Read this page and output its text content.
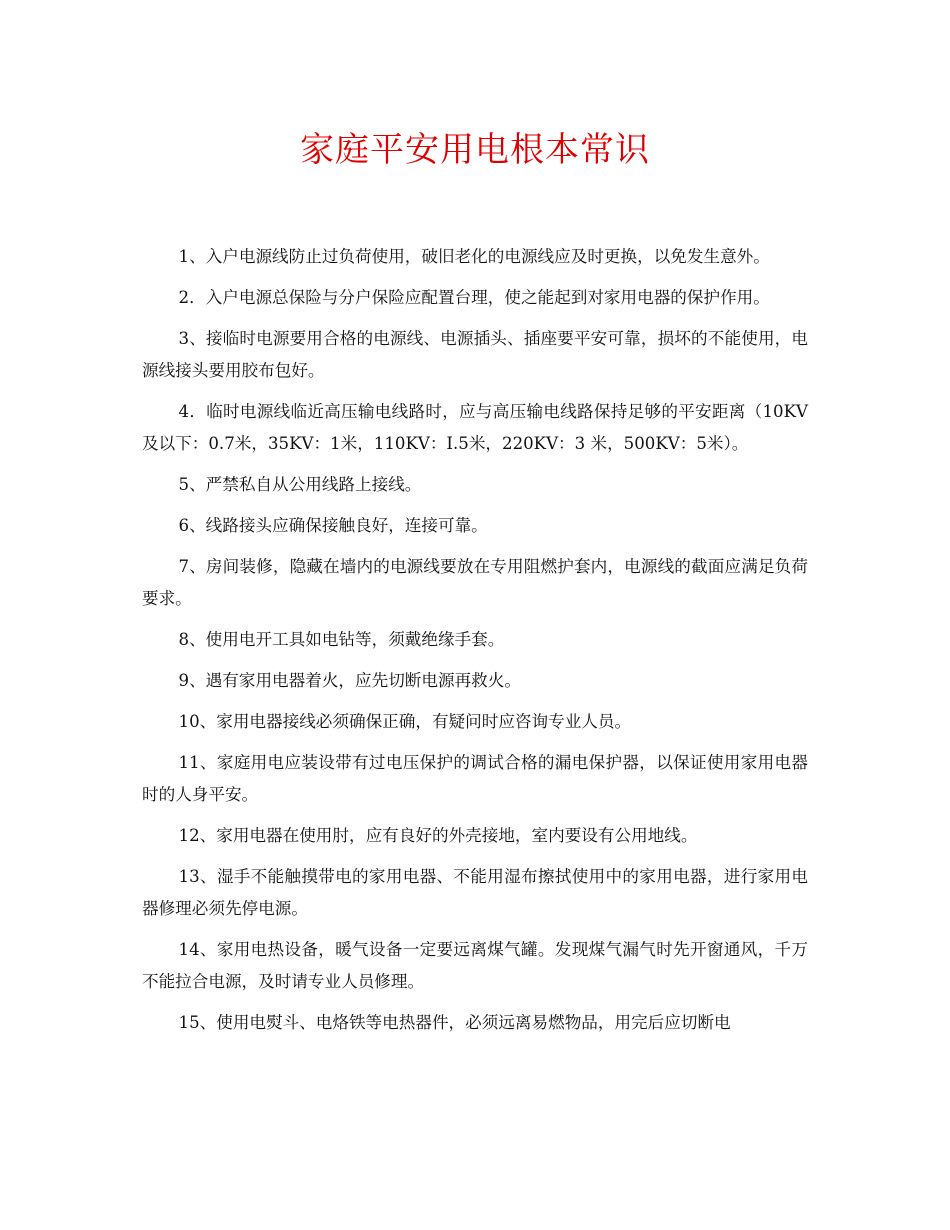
家庭平安用电根本常识

1、入户电源线防止过负荷使用，破旧老化的电源线应及时更换，以免发生意外。

2．入户电源总保险与分户保险应配置台理，使之能起到对家用电器的保护作用。

3、接临时电源要用合格的电源线、电源插头、插座要平安可靠，损坏的不能使用，电源线接头要用胶布包好。

4．临时电源线临近高压输电线路时，应与高压输电线路保持足够的平安距离（10KV及以下：0.7米，35KV：1米，110KV：I.5米，220KV：3 米，500KV：5米）。

5、严禁私自从公用线路上接线。

6、线路接头应确保接触良好，连接可靠。

7、房间装修，隐藏在墙内的电源线要放在专用阻燃护套内，电源线的截面应满足负荷要求。

8、使用电开工具如电钻等，须戴绝缘手套。

9、遇有家用电器着火，应先切断电源再救火。

10、家用电器接线必须确保正确，有疑问时应咨询专业人员。

11、家庭用电应装设带有过电压保护的调试合格的漏电保护器，以保证使用家用电器时的人身平安。

12、家用电器在使用肘，应有良好的外壳接地，室内要设有公用地线。

13、湿手不能触摸带电的家用电器、不能用湿布擦拭使用中的家用电器，进行家用电器修理必须先停电源。

14、家用电热设备，暖气设备一定要远离煤气罐。发现煤气漏气时先开窗通风，千万不能拉合电源，及时请专业人员修理。

15、使用电熨斗、电烙铁等电热器件，必须远离易燃物品，用完后应切断电
